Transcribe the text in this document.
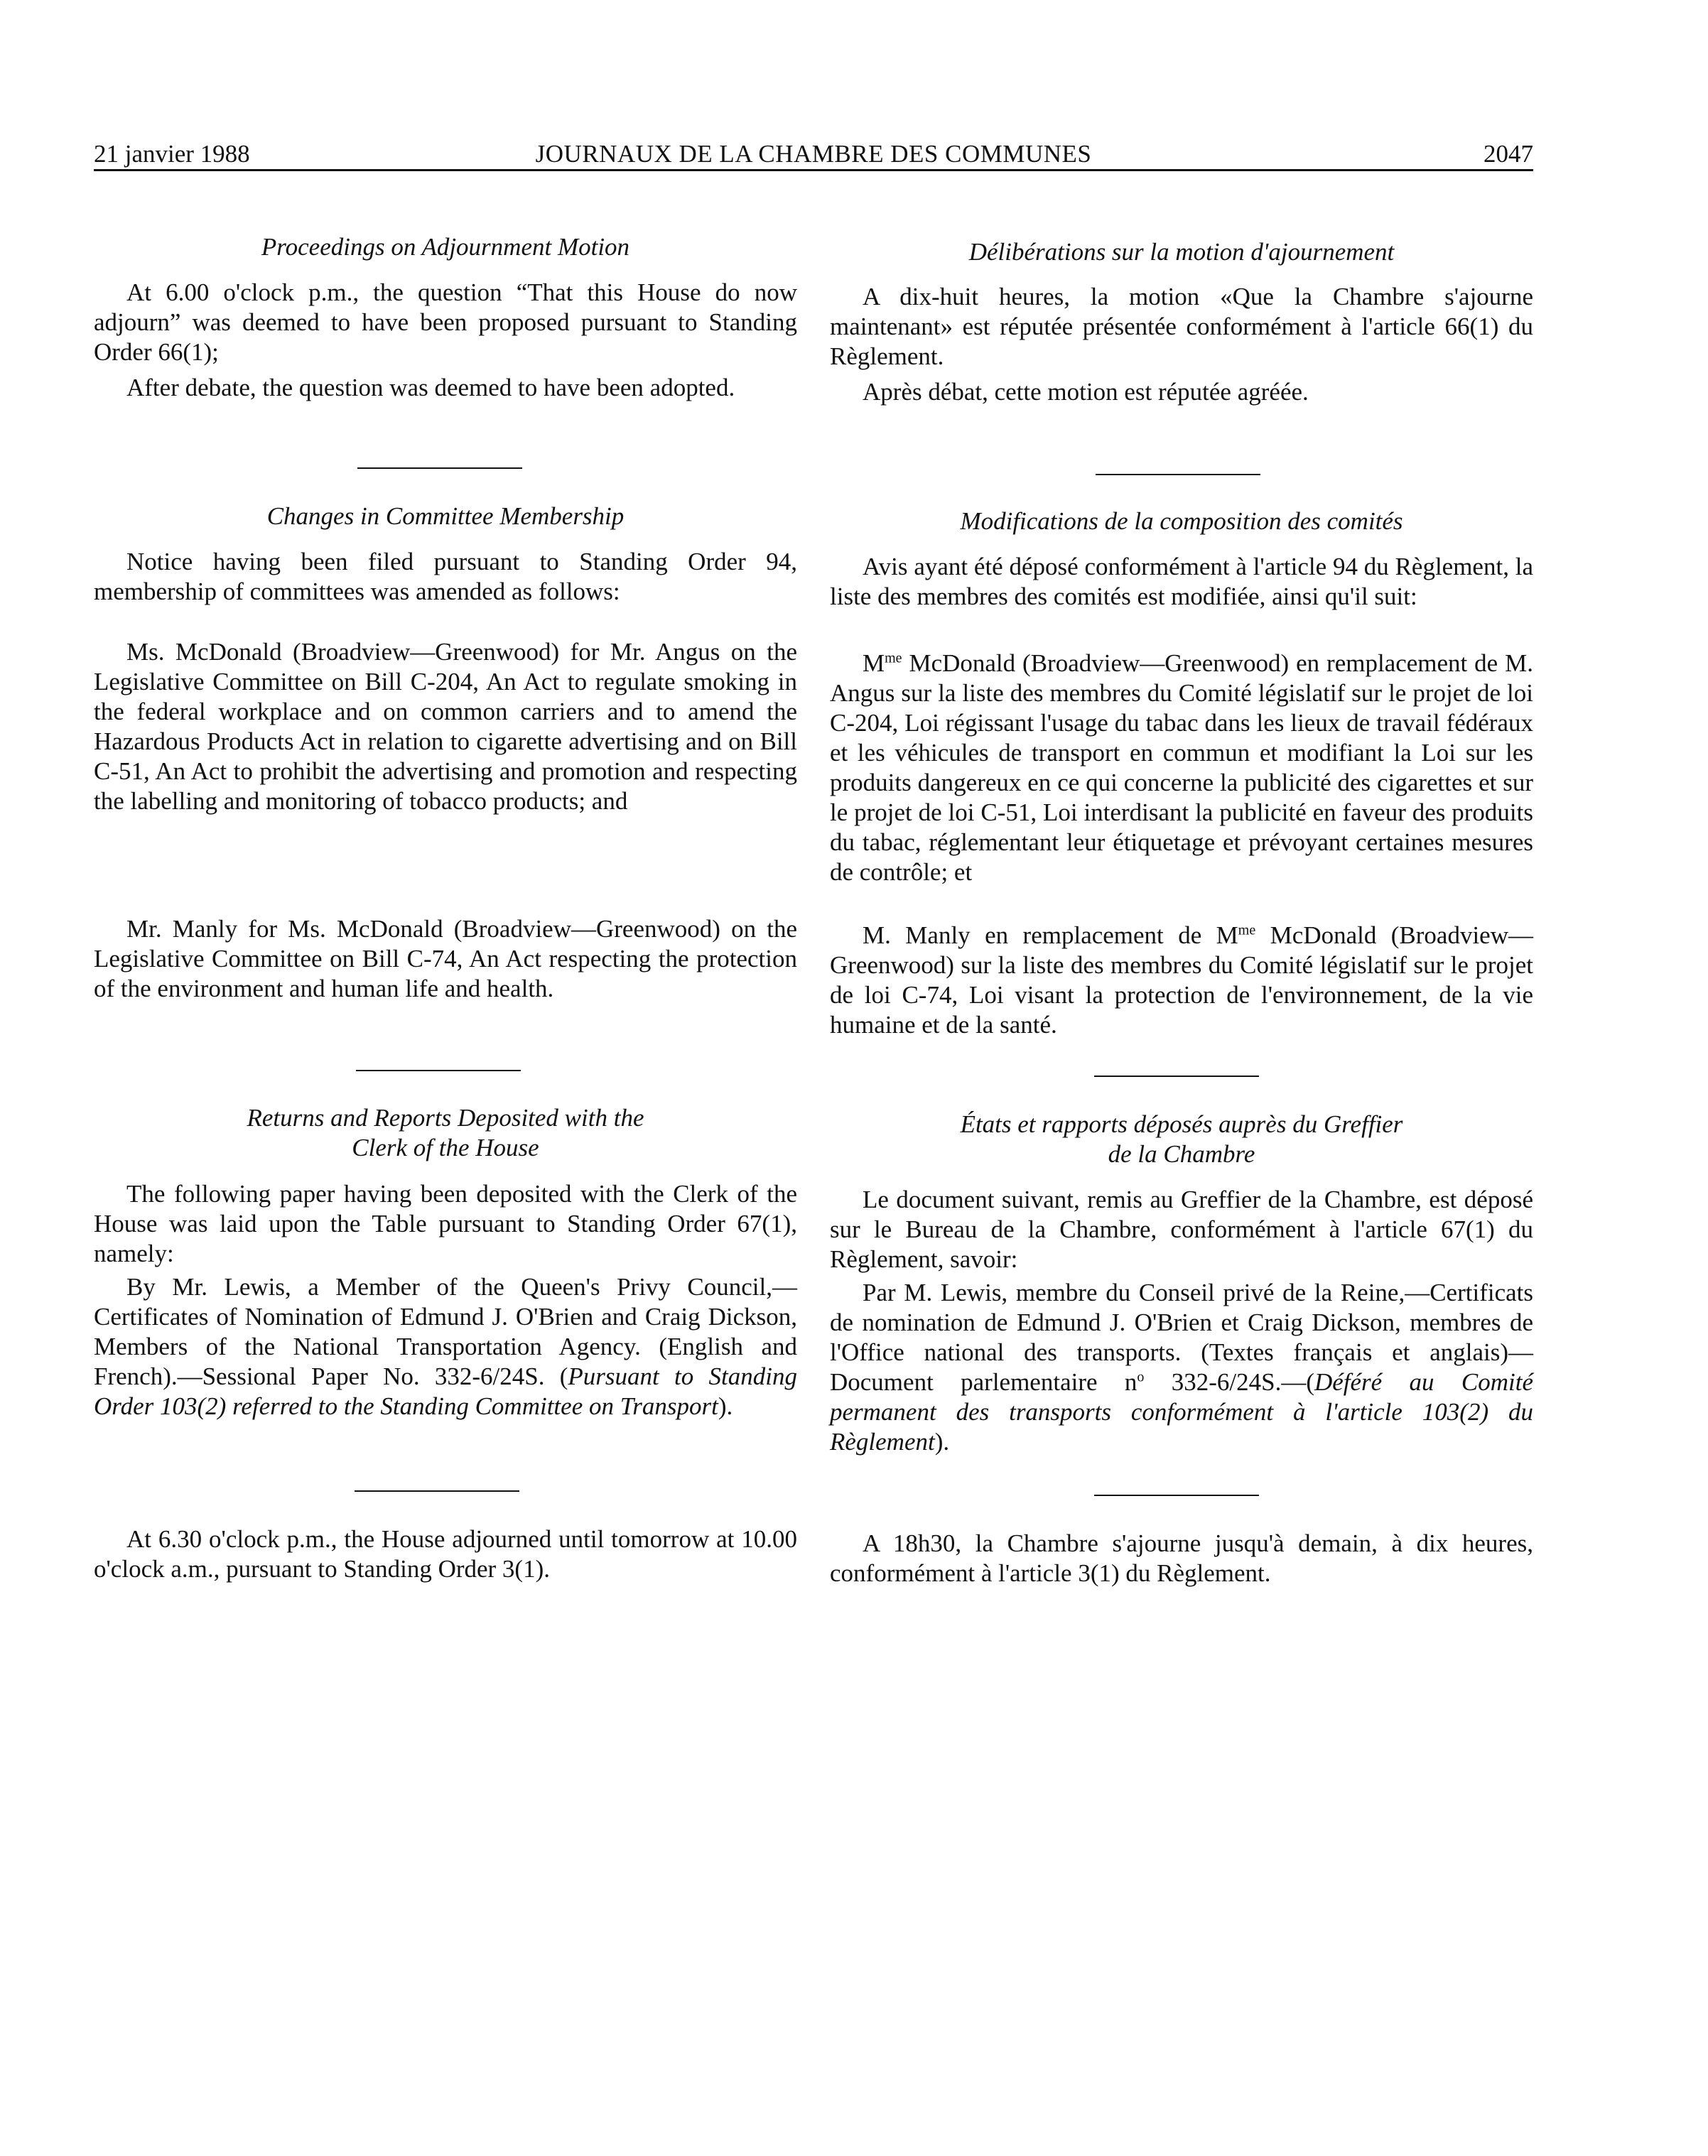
21 janvier 1988	JOURNAUX DE LA CHAMBRE DES COMMUNES	2047
Proceedings on Adjournment Motion
At 6.00 o'clock p.m., the question “That this House do now adjourn” was deemed to have been proposed pursuant to Standing Order 66(1);
After debate, the question was deemed to have been adopted.
Changes in Committee Membership
Notice having been filed pursuant to Standing Order 94, membership of committees was amended as follows:
Ms. McDonald (Broadview—Greenwood) for Mr. Angus on the Legislative Committee on Bill C-204, An Act to regulate smoking in the federal workplace and on common carriers and to amend the Hazardous Products Act in relation to cigarette advertising and on Bill C-51, An Act to prohibit the advertising and promotion and respecting the labelling and monitoring of tobacco products; and
Mr. Manly for Ms. McDonald (Broadview—Greenwood) on the Legislative Committee on Bill C-74, An Act respecting the protection of the environment and human life and health.
Returns and Reports Deposited with the
Clerk of the House
The following paper having been deposited with the Clerk of the House was laid upon the Table pursuant to Standing Order 67(1), namely:
By Mr. Lewis, a Member of the Queen's Privy Council,—Certificates of Nomination of Edmund J. O'Brien and Craig Dickson, Members of the National Transportation Agency. (English and French).—Sessional Paper No. 332-6/24S. (Pursuant to Standing Order 103(2) referred to the Standing Committee on Transport).
At 6.30 o'clock p.m., the House adjourned until tomorrow at 10.00 o'clock a.m., pursuant to Standing Order 3(1).
Délibérations sur la motion d'ajournement
A dix-huit heures, la motion «Que la Chambre s'ajourne maintenant» est réputée présentée conformément à l'article 66(1) du Règlement.
Après débat, cette motion est réputée agréée.
Modifications de la composition des comités
Avis ayant été déposé conformément à l'article 94 du Règlement, la liste des membres des comités est modifiée, ainsi qu'il suit:
$M^{me}$ McDonald (Broadview—Greenwood) en remplacement de M. Angus sur la liste des membres du Comité législatif sur le projet de loi C-204, Loi régissant l'usage du tabac dans les lieux de travail fédéraux et les véhicules de transport en commun et modifiant la Loi sur les produits dangereux en ce qui concerne la publicité des cigarettes et sur le projet de loi C-51, Loi interdisant la publicité en faveur des produits du tabac, réglementant leur étiquetage et prévoyant certaines mesures de contrôle; et
M. Manly en remplacement de $M^{me}$ McDonald (Broadview—Greenwood) sur la liste des membres du Comité législatif sur le projet de loi C-74, Loi visant la protection de l'environnement, de la vie humaine et de la santé.
États et rapports déposés auprès du Greffier
de la Chambre
Le document suivant, remis au Greffier de la Chambre, est déposé sur le Bureau de la Chambre, conformément à l'article 67(1) du Règlement, savoir:
Par M. Lewis, membre du Conseil privé de la Reine,—Certificats de nomination de Edmund J. O'Brien et Craig Dickson, membres de l'Office national des transports. (Textes français et anglais)—Document parlementaire $n^o$ 332-6/24S.—(Déféré au Comité permanent des transports conformément à l'article 103(2) du Règlement).
A 18h30, la Chambre s'ajourne jusqu'à demain, à dix heures, conformément à l'article 3(1) du Règlement.
